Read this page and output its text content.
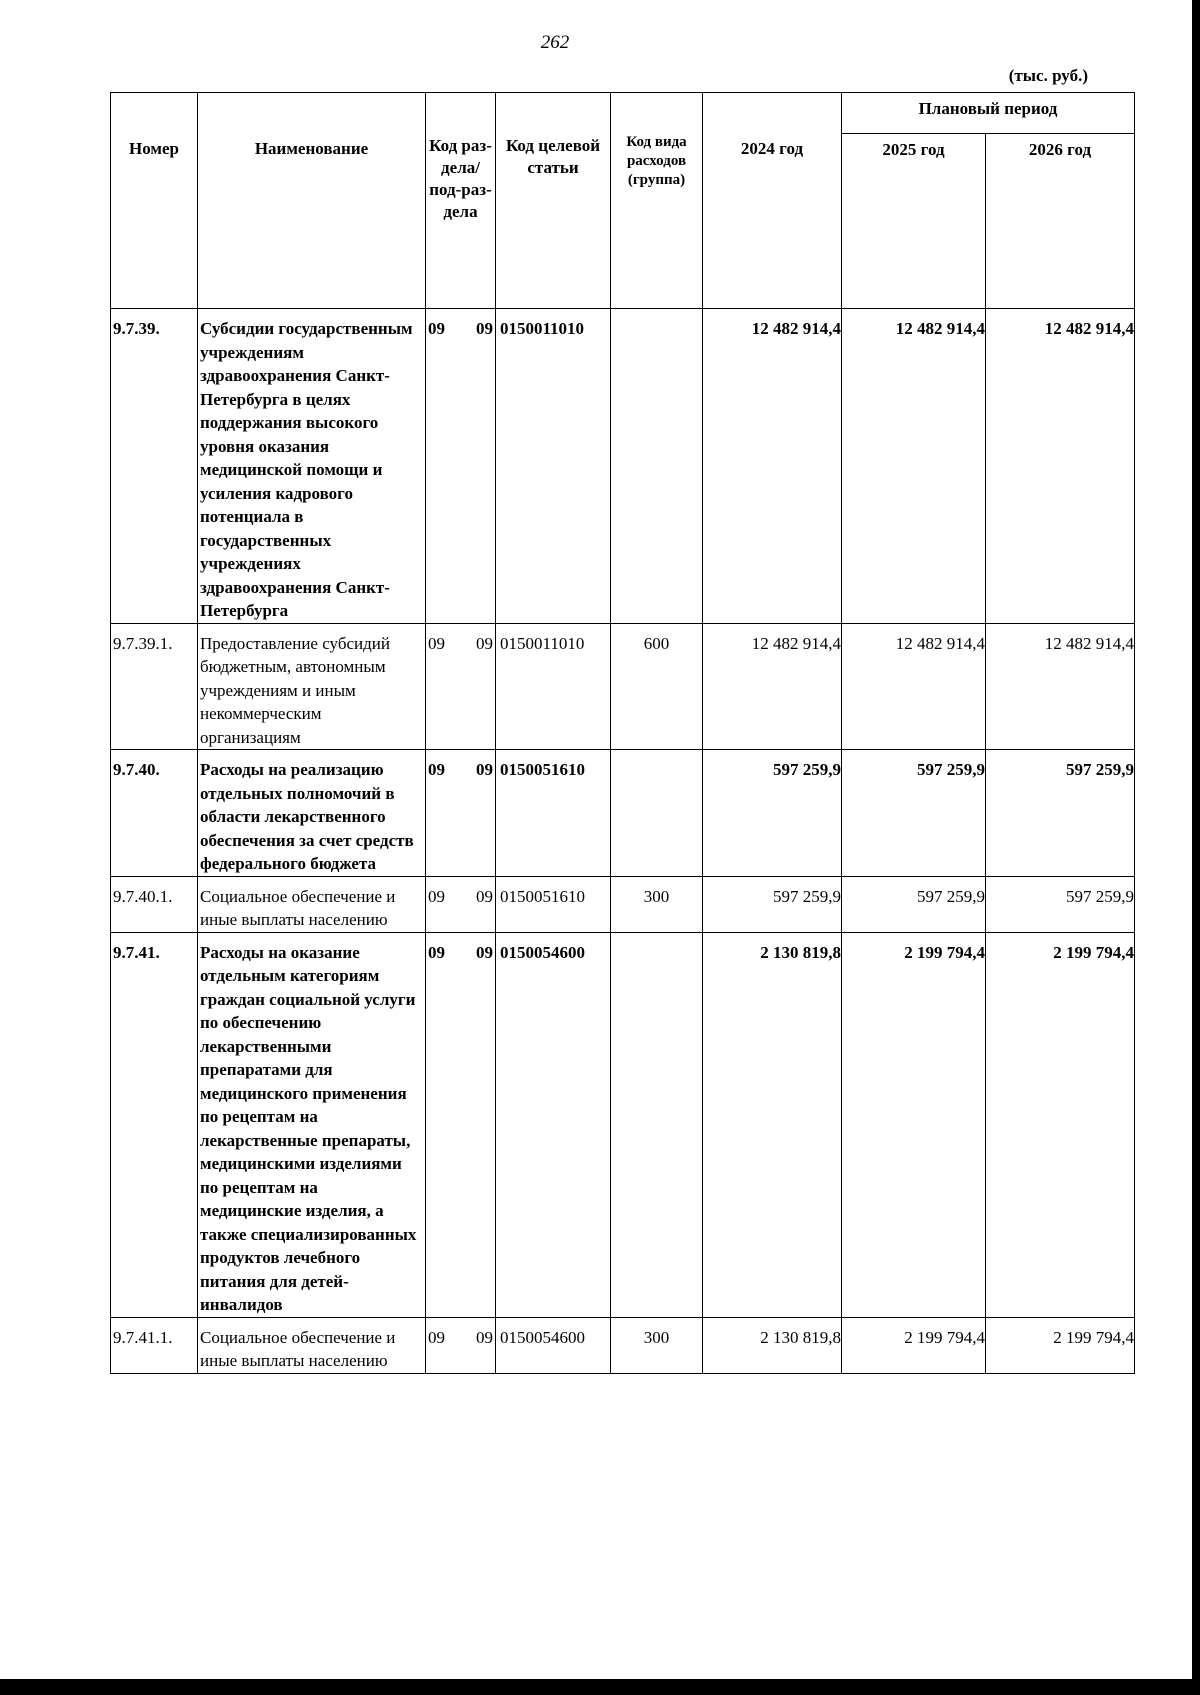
262
(тыс. руб.)
Номер	Наименование	Код раз-дела/ под-раз-дела	Код целевой статьи	Код вида расходов (группа)	2024 год	Плановый период	
						2025 год	2026 год
9.7.39.	Субсидии государственным учреждениям здравоохранения Санкт-Петербурга в целях поддержания высокого уровня оказания медицинской помощи и усиления кадрового потенциала в государственных учреждениях здравоохранения Санкт-Петербурга	09 09	0150011010		12 482 914,4	12 482 914,4	12 482 914,4
9.7.39.1.	Предоставление субсидий бюджетным, автономным учреждениям и иным некоммерческим организациям	09 09	0150011010	600	12 482 914,4	12 482 914,4	12 482 914,4
9.7.40.	Расходы на реализацию отдельных полномочий в области лекарственного обеспечения за счет средств федерального бюджета	09 09	0150051610		597 259,9	597 259,9	597 259,9
9.7.40.1.	Социальное обеспечение и иные выплаты населению	09 09	0150051610	300	597 259,9	597 259,9	597 259,9
9.7.41.	Расходы на оказание отдельным категориям граждан социальной услуги по обеспечению лекарственными препаратами для медицинского применения по рецептам на лекарственные препараты, медицинскими изделиями по рецептам на медицинские изделия, а также специализированных продуктов лечебного питания для детей-инвалидов	09 09	0150054600		2 130 819,8	2 199 794,4	2 199 794,4
9.7.41.1.	Социальное обеспечение и иные выплаты населению	09 09	0150054600	300	2 130 819,8	2 199 794,4	2 199 794,4
